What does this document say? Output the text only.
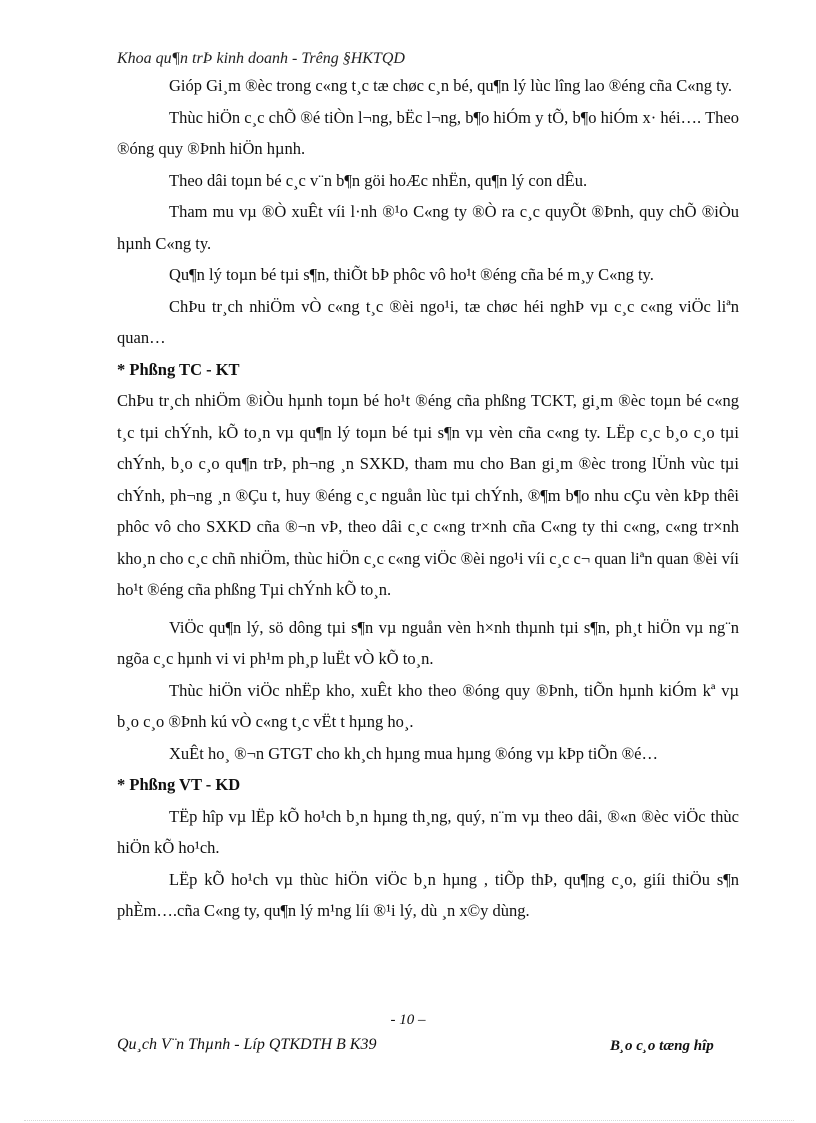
Khoa qu¶n trÞ kinh doanh - Trêng §HKTQD

Gióp Gi¸m ®èc trong c«ng t¸c tæ chøc c¸n bé, qu¶n lý lùc lîng lao ®éng cña C«ng ty.

Thùc hiÖn c¸c chÕ ®é tiÒn l¬ng, bËc l¬ng, b¶o hiÓm y tÕ, b¶o hiÓm x· héi…. Theo ®óng quy ®Þnh hiÖn hµnh.

Theo dâi toµn bé c¸c v¨n b¶n göi hoÆc nhËn, qu¶n lý con dÊu.

Tham mu vµ ®Ò xuÊt víi l·nh ®¹o C«ng ty ®Ò ra c¸c quyÕt ®Þnh, quy chÕ ®iÒu hµnh C«ng ty.

Qu¶n lý toµn bé tµi s¶n, thiÕt bÞ phôc vô ho¹t ®éng cña bé m¸y C«ng ty.

ChÞu tr¸ch nhiÖm vÒ c«ng t¸c ®èi ngo¹i, tæ chøc héi nghÞ vµ c¸c c«ng viÖc liªn quan…

* Phßng TC - KT

ChÞu tr¸ch nhiÖm ®iÒu hµnh toµn bé ho¹t ®éng cña phßng TCKT, gi¸m ®èc toµn bé c«ng t¸c tµi chÝnh, kÕ to¸n vµ qu¶n lý toµn bé tµi s¶n vµ vèn cña c«ng ty. LËp c¸c b¸o c¸o tµi chÝnh, b¸o c¸o qu¶n trÞ, ph¬ng ¸n SXKD, tham mu cho Ban gi¸m ®èc trong lÜnh vùc tµi chÝnh, ph¬ng ¸n ®Çu t, huy ®éng c¸c nguån lùc tµi chÝnh, ®¶m b¶o nhu cÇu vèn kÞp thêi phôc vô cho SXKD cña ®¬n vÞ, theo dâi c¸c c«ng tr×nh cña C«ng ty thi c«ng, c«ng tr×nh kho¸n cho c¸c chñ nhiÖm, thùc hiÖn c¸c c«ng viÖc ®èi ngo¹i víi c¸c c¬ quan liªn quan ®èi víi ho¹t ®éng cña phßng Tµi chÝnh kÕ to¸n.

ViÖc qu¶n lý, sö dông tµi s¶n vµ nguån vèn h×nh thµnh tµi s¶n, ph¸t hiÖn vµ ng¨n ngõa c¸c hµnh vi vi ph¹m ph¸p luËt vÒ kÕ to¸n.

Thùc hiÖn viÖc nhËp kho, xuÊt kho theo ®óng quy ®Þnh, tiÕn hµnh kiÓm kª vµ b¸o c¸o ®Þnh kú vÒ c«ng t¸c vËt t hµng ho¸.

XuÊt ho¸ ®¬n GTGT cho kh¸ch hµng mua hµng ®óng vµ kÞp tiÕn ®é…

* Phßng VT - KD

TËp hîp vµ lËp kÕ ho¹ch b¸n hµng th¸ng, quý, n¨m vµ theo dâi, ®«n ®èc viÖc thùc hiÖn kÕ ho¹ch.

LËp kÕ ho¹ch vµ thùc hiÖn viÖc b¸n hµng , tiÕp thÞ, qu¶ng c¸o, giíi thiÖu s¶n phÈm….cña C«ng ty, qu¶n lý m¹ng líi ®¹i lý, dù ¸n x©y dùng.

- 10 –
Qu¸ch V¨n Thµnh - Líp QTKDTH B K39	B¸o c¸o tæng hîp
